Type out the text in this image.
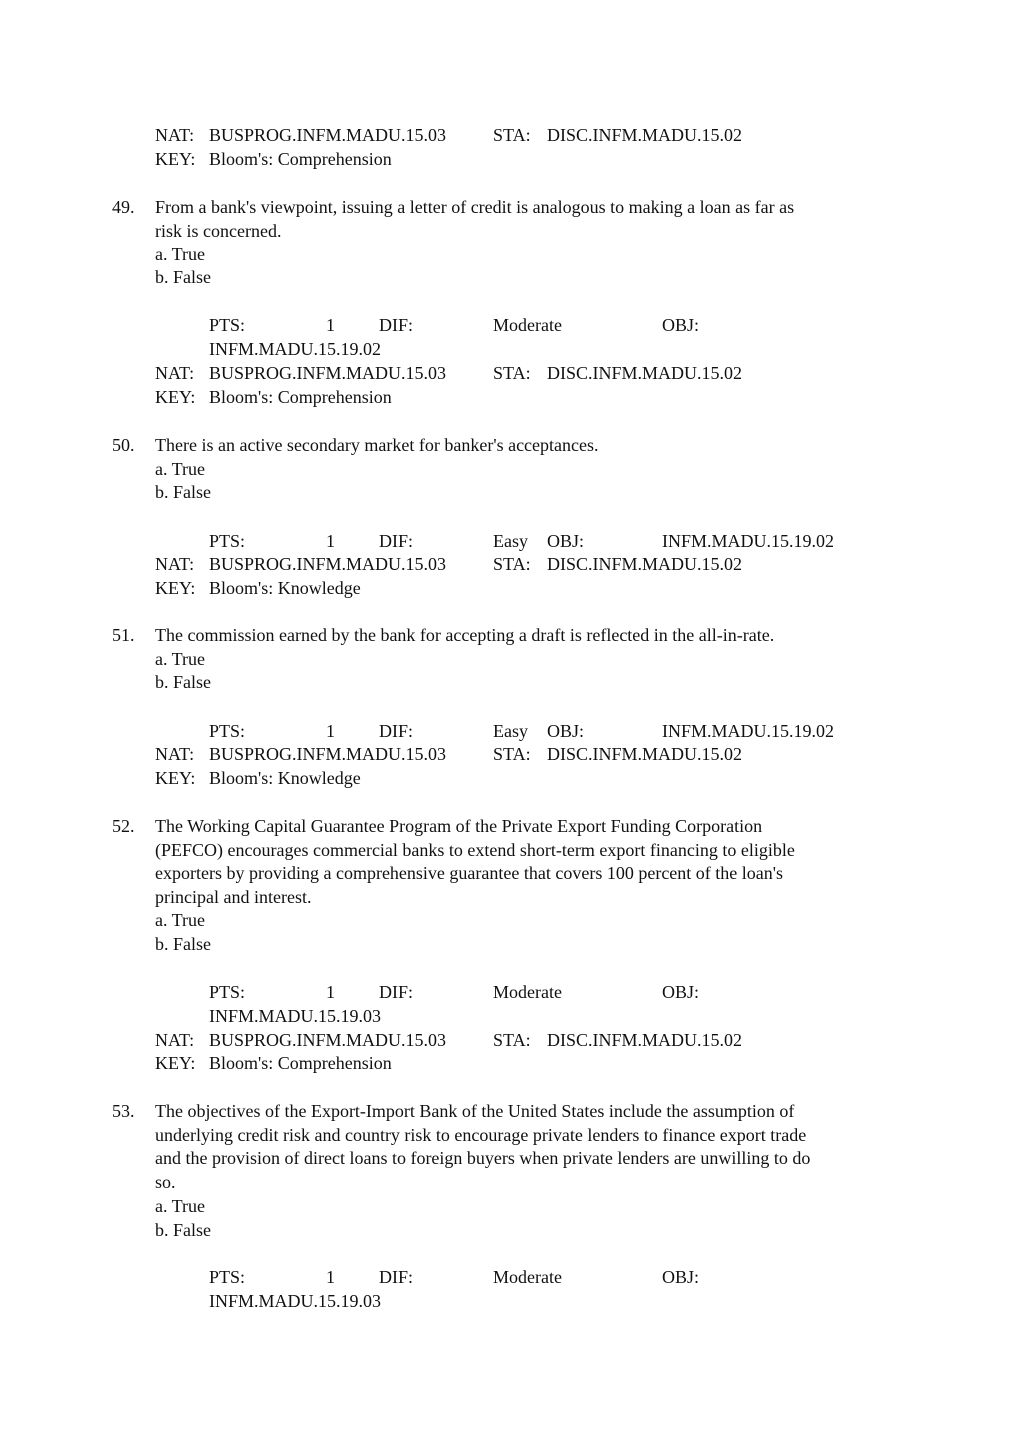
NAT: BUSPROG.INFM.MADU.15.03	STA: DISC.INFM.MADU.15.02
KEY: Bloom's: Comprehension
49. From a bank's viewpoint, issuing a letter of credit is analogous to making a loan as far as
risk is concerned.
a. True
b. False
PTS:	1 DIF:	Moderate	OBJ:
INFM.MADU.15.19.02
NAT: BUSPROG.INFM.MADU.15.03	STA: DISC.INFM.MADU.15.02
KEY: Bloom's: Comprehension
50. There is an active secondary market for banker's acceptances.
a. True
b. False
PTS:	1 DIF:	Easy OBJ:	INFM.MADU.15.19.02
NAT: BUSPROG.INFM.MADU.15.03	STA: DISC.INFM.MADU.15.02
KEY: Bloom's: Knowledge
51. The commission earned by the bank for accepting a draft is reflected in the all-in-rate.
a. True
b. False
PTS:	1 DIF:	Easy OBJ:	INFM.MADU.15.19.02
NAT: BUSPROG.INFM.MADU.15.03	STA: DISC.INFM.MADU.15.02
KEY: Bloom's: Knowledge
52. The Working Capital Guarantee Program of the Private Export Funding Corporation
(PEFCO) encourages commercial banks to extend short-term export financing to eligible
exporters by providing a comprehensive guarantee that covers 100 percent of the loan's
principal and interest.
a. True
b. False
PTS:	1 DIF:	Moderate	OBJ:
INFM.MADU.15.19.03
NAT: BUSPROG.INFM.MADU.15.03	STA: DISC.INFM.MADU.15.02
KEY: Bloom's: Comprehension
53. The objectives of the Export-Import Bank of the United States include the assumption of
underlying credit risk and country risk to encourage private lenders to finance export trade
and the provision of direct loans to foreign buyers when private lenders are unwilling to do
so.
a. True
b. False
PTS:	1 DIF:	Moderate	OBJ:
INFM.MADU.15.19.03
